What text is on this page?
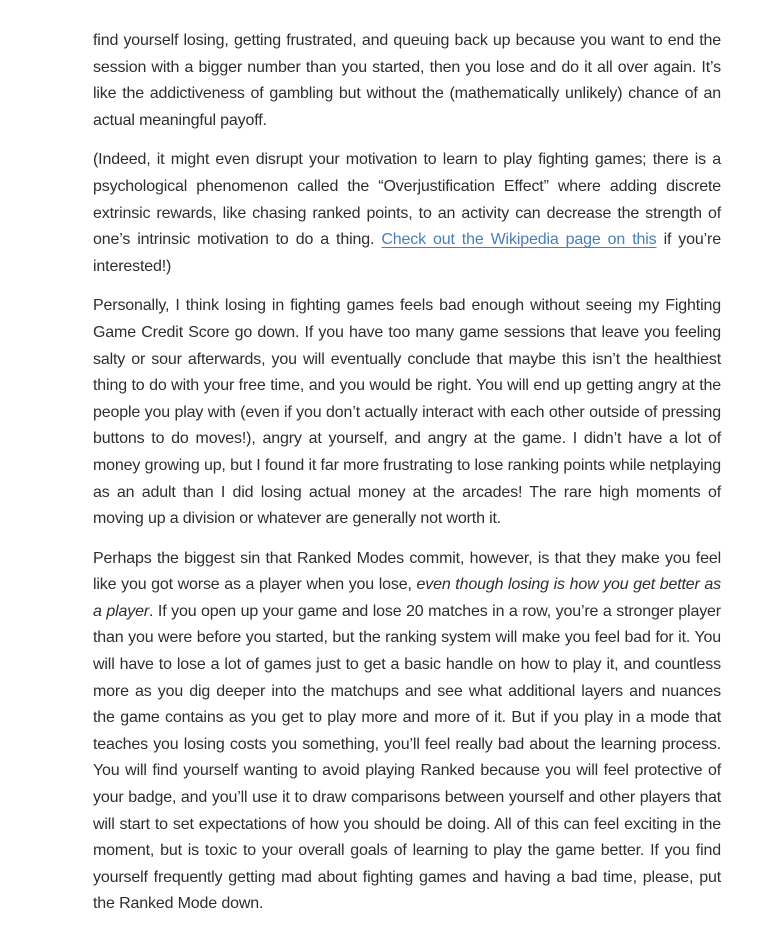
find yourself losing, getting frustrated, and queuing back up because you want to end the session with a bigger number than you started, then you lose and do it all over again. It’s like the addictiveness of gambling but without the (mathematically unlikely) chance of an actual meaningful payoff.

(Indeed, it might even disrupt your motivation to learn to play fighting games; there is a psychological phenomenon called the “Overjustification Effect” where adding discrete extrinsic rewards, like chasing ranked points, to an activity can decrease the strength of one’s intrinsic motivation to do a thing. Check out the Wikipedia page on this if you’re interested!)

Personally, I think losing in fighting games feels bad enough without seeing my Fighting Game Credit Score go down. If you have too many game sessions that leave you feeling salty or sour afterwards, you will eventually conclude that maybe this isn’t the healthiest thing to do with your free time, and you would be right. You will end up getting angry at the people you play with (even if you don’t actually interact with each other outside of pressing buttons to do moves!), angry at yourself, and angry at the game. I didn’t have a lot of money growing up, but I found it far more frustrating to lose ranking points while netplaying as an adult than I did losing actual money at the arcades! The rare high moments of moving up a division or whatever are generally not worth it.

Perhaps the biggest sin that Ranked Modes commit, however, is that they make you feel like you got worse as a player when you lose, even though losing is how you get better as a player. If you open up your game and lose 20 matches in a row, you’re a stronger player than you were before you started, but the ranking system will make you feel bad for it. You will have to lose a lot of games just to get a basic handle on how to play it, and countless more as you dig deeper into the matchups and see what additional layers and nuances the game contains as you get to play more and more of it. But if you play in a mode that teaches you losing costs you something, you’ll feel really bad about the learning process. You will find yourself wanting to avoid playing Ranked because you will feel protective of your badge, and you’ll use it to draw comparisons between yourself and other players that will start to set expectations of how you should be doing. All of this can feel exciting in the moment, but is toxic to your overall goals of learning to play the game better. If you find yourself frequently getting mad about fighting games and having a bad time, please, put the Ranked Mode down.
